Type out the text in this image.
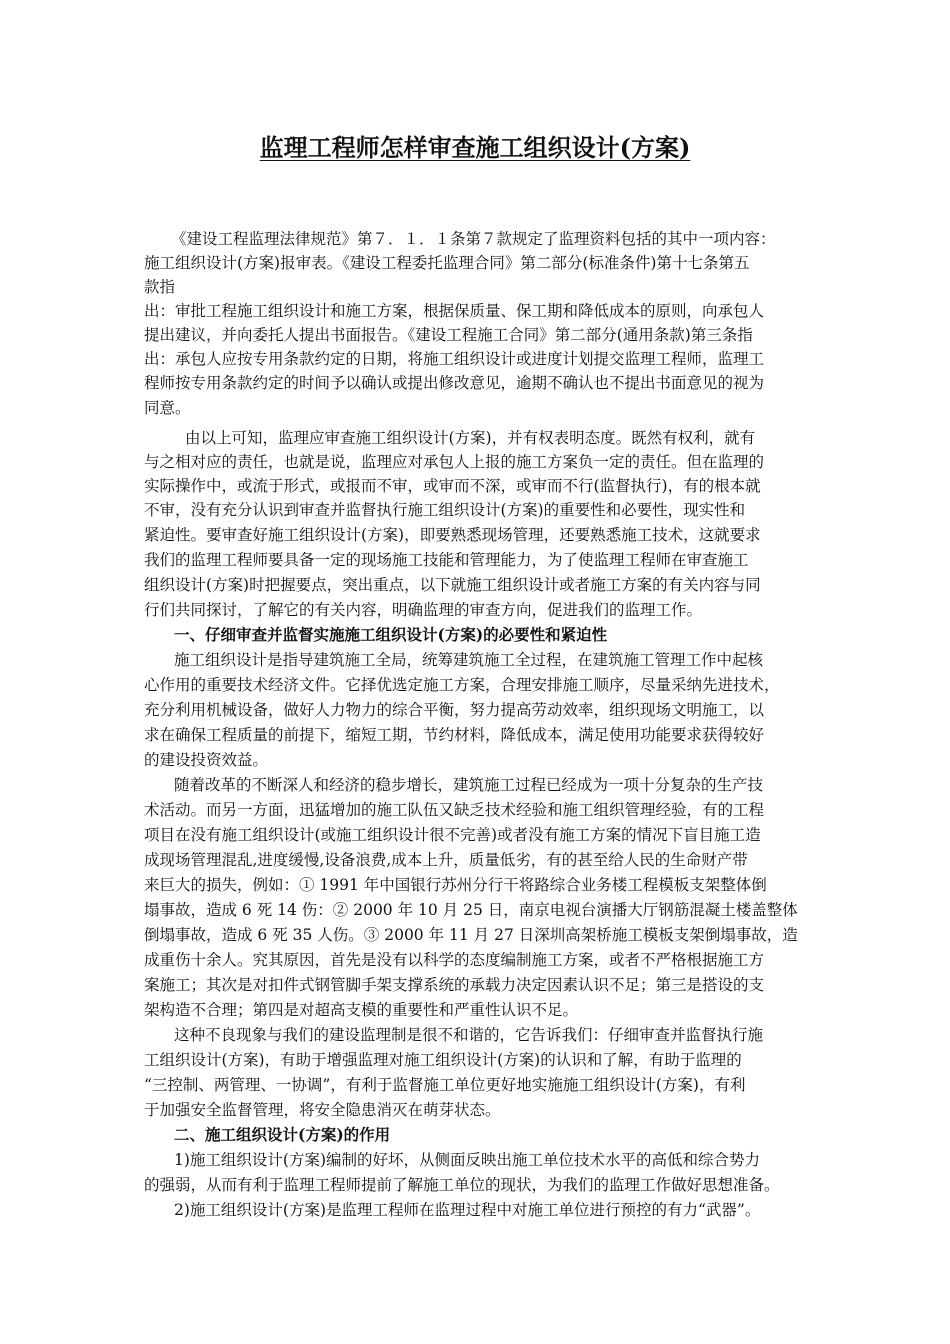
监理工程师怎样审查施工组织设计(方案)
《建设工程监理法律规范》第７．１．１条第７款规定了监理资料包括的其中一项内容：
施工组织设计(方案)报审表。《建设工程委托监理合同》第二部分(标准条件)第十七条第五
款指
出：审批工程施工组织设计和施工方案，根据保质量、保工期和降低成本的原则，向承包人
提出建议，并向委托人提出书面报告。《建设工程施工合同》第二部分(通用条款)第三条指
出：承包人应按专用条款约定的日期，将施工组织设计或进度计划提交监理工程师，监理工
程师按专用条款约定的时间予以确认或提出修改意见，逾期不确认也不提出书面意见的视为
同意。
由以上可知，监理应审查施工组织设计(方案)，并有权表明态度。既然有权利，就有
与之相对应的责任，也就是说，监理应对承包人上报的施工方案负一定的责任。但在监理的
实际操作中，或流于形式，或报而不审，或审而不深，或审而不行(监督执行)，有的根本就
不审，没有充分认识到审查并监督执行施工组织设计(方案)的重要性和必要性，现实性和
紧迫性。要审查好施工组织设计(方案)，即要熟悉现场管理，还要熟悉施工技术，这就要求
我们的监理工程师要具备一定的现场施工技能和管理能力，为了使监理工程师在审查施工
组织设计(方案)时把握要点，突出重点，以下就施工组织设计或者施工方案的有关内容与同
行们共同探讨，了解它的有关内容，明确监理的审查方向，促进我们的监理工作。
一、仔细审查并监督实施施工组织设计(方案)的必要性和紧迫性
施工组织设计是指导建筑施工全局，统筹建筑施工全过程，在建筑施工管理工作中起核
心作用的重要技术经济文件。它择优选定施工方案，合理安排施工顺序，尽量采纳先进技术，
充分利用机械设备，做好人力物力的综合平衡，努力提高劳动效率，组织现场文明施工，以
求在确保工程质量的前提下，缩短工期，节约材料，降低成本，满足使用功能要求获得较好
的建设投资效益。
随着改革的不断深人和经济的稳步增长，建筑施工过程已经成为一项十分复杂的生产技
术活动。而另一方面，迅猛增加的施工队伍又缺乏技术经验和施工组织管理经验，有的工程
项目在没有施工组织设计(或施工组织设计很不完善)或者没有施工方案的情况下盲目施工造
成现场管理混乱,进度缓慢,设备浪费,成本上升，质量低劣，有的甚至给人民的生命财产带
来巨大的损失，例如：① 1991 年中国银行苏州分行干将路综合业务楼工程模板支架整体倒
塌事故，造成 6 死 14 伤：② 2000 年 10 月 25 日，南京电视台演播大厅钢筋混凝土楼盖整体
倒塌事故，造成 6 死 35 人伤。③ 2000 年 11 月 27 日深圳高架桥施工模板支架倒塌事故，造
成重伤十余人。究其原因，首先是没有以科学的态度编制施工方案，或者不严格根据施工方
案施工；其次是对扣件式钢管脚手架支撑系统的承载力决定因素认识不足；第三是搭设的支
架构造不合理；第四是对超高支模的重要性和严重性认识不足。
这种不良现象与我们的建设监理制是很不和谐的，它告诉我们：仔细审查并监督执行施
工组织设计(方案)，有助于增强监理对施工组织设计(方案)的认识和了解，有助于监理的
“三控制、两管理、一协调”，有利于监督施工单位更好地实施施工组织设计(方案)，有利
于加强安全监督管理，将安全隐患消灭在萌芽状态。
二、施工组织设计(方案)的作用
1)施工组织设计(方案)编制的好坏，从侧面反映出施工单位技术水平的高低和综合势力
的强弱，从而有利于监理工程师提前了解施工单位的现状，为我们的监理工作做好思想准备。
2)施工组织设计(方案)是监理工程师在监理过程中对施工单位进行预控的有力“武器”。
